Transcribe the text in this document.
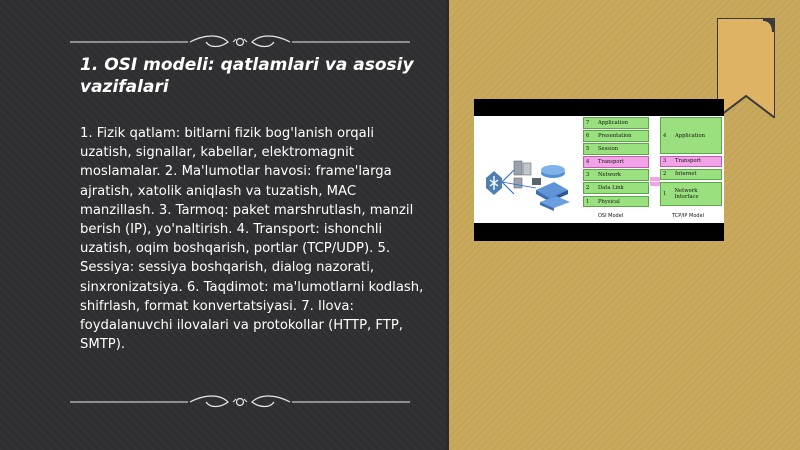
1. OSI modeli: qatlamlari va asosiy vazifalari
1. Fizik qatlam: bitlarni fizik bog'lanish orqali uzatish, signallar, kabellar, elektromagnit moslamalar. 2. Ma'lumotlar havosi: frame'larga ajratish, xatolik aniqlash va tuzatish, MAC manzillash. 3. Tarmoq: paket marshrutlash, manzil berish (IP), yo'naltirish. 4. Transport: ishonchli uzatish, oqim boshqarish, portlar (TCP/UDP). 5. Sessiya: sessiya boshqarish, dialog nazorati, sinxronizatsiya. 6. Taqdimot: ma'lumotlarni kodlash, shifrlash, format konvertatsiyasi. 7. Ilova: foydalanuvchi ilovalari va protokollar (HTTP, FTP, SMTP).
7 Application
6 Presentation
5 Session
4 Transport
3 Network
2 Data Link
1 Physical
4	Application
3	Transport
2	Internet
1	Network Interface
OSI Model	TCP/IP Model
